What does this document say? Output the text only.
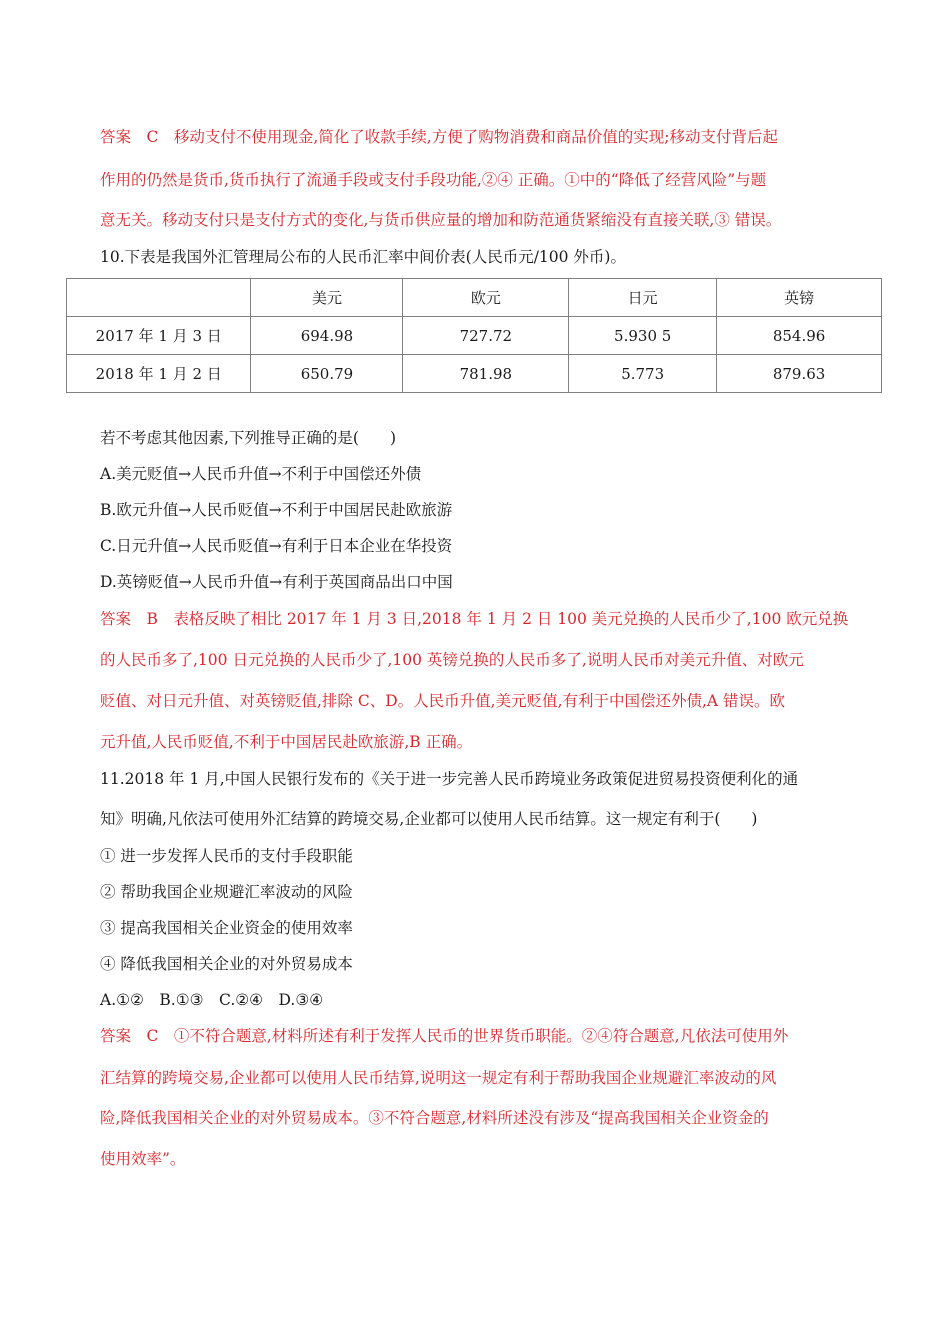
答案　C　移动支付不使用现金,简化了收款手续,方便了购物消费和商品价值的实现;移动支付背后起
作用的仍然是货币,货币执行了流通手段或支付手段功能,②④ 正确。①中的“降低了经营风险”与题
意无关。移动支付只是支付方式的变化,与货币供应量的增加和防范通货紧缩没有直接关联,③ 错误。
10.下表是我国外汇管理局公布的人民币汇率中间价表(人民币元/100 外币)。
	美元	欧元	日元	英镑
2017 年 1 月 3 日	694.98	727.72	5.930 5	854.96
2018 年 1 月 2 日	650.79	781.98	5.773	879.63
若不考虑其他因素,下列推导正确的是(　　)
A.美元贬值→人民币升值→不利于中国偿还外债
B.欧元升值→人民币贬值→不利于中国居民赴欧旅游
C.日元升值→人民币贬值→有利于日本企业在华投资
D.英镑贬值→人民币升值→有利于英国商品出口中国
答案　B　表格反映了相比 2017 年 1 月 3 日,2018 年 1 月 2 日 100 美元兑换的人民币少了,100 欧元兑换
的人民币多了,100 日元兑换的人民币少了,100 英镑兑换的人民币多了,说明人民币对美元升值、对欧元
贬值、对日元升值、对英镑贬值,排除 C、D。人民币升值,美元贬值,有利于中国偿还外债,A 错误。欧
元升值,人民币贬值,不利于中国居民赴欧旅游,B 正确。
11.2018 年 1 月,中国人民银行发布的《关于进一步完善人民币跨境业务政策促进贸易投资便利化的通
知》明确,凡依法可使用外汇结算的跨境交易,企业都可以使用人民币结算。这一规定有利于(　　)
① 进一步发挥人民币的支付手段职能
② 帮助我国企业规避汇率波动的风险
③ 提高我国相关企业资金的使用效率
④ 降低我国相关企业的对外贸易成本
A.①②　B.①③　C.②④　D.③④
答案　C　①不符合题意,材料所述有利于发挥人民币的世界货币职能。②④符合题意,凡依法可使用外
汇结算的跨境交易,企业都可以使用人民币结算,说明这一规定有利于帮助我国企业规避汇率波动的风
险,降低我国相关企业的对外贸易成本。③不符合题意,材料所述没有涉及“提高我国相关企业资金的
使用效率”。
